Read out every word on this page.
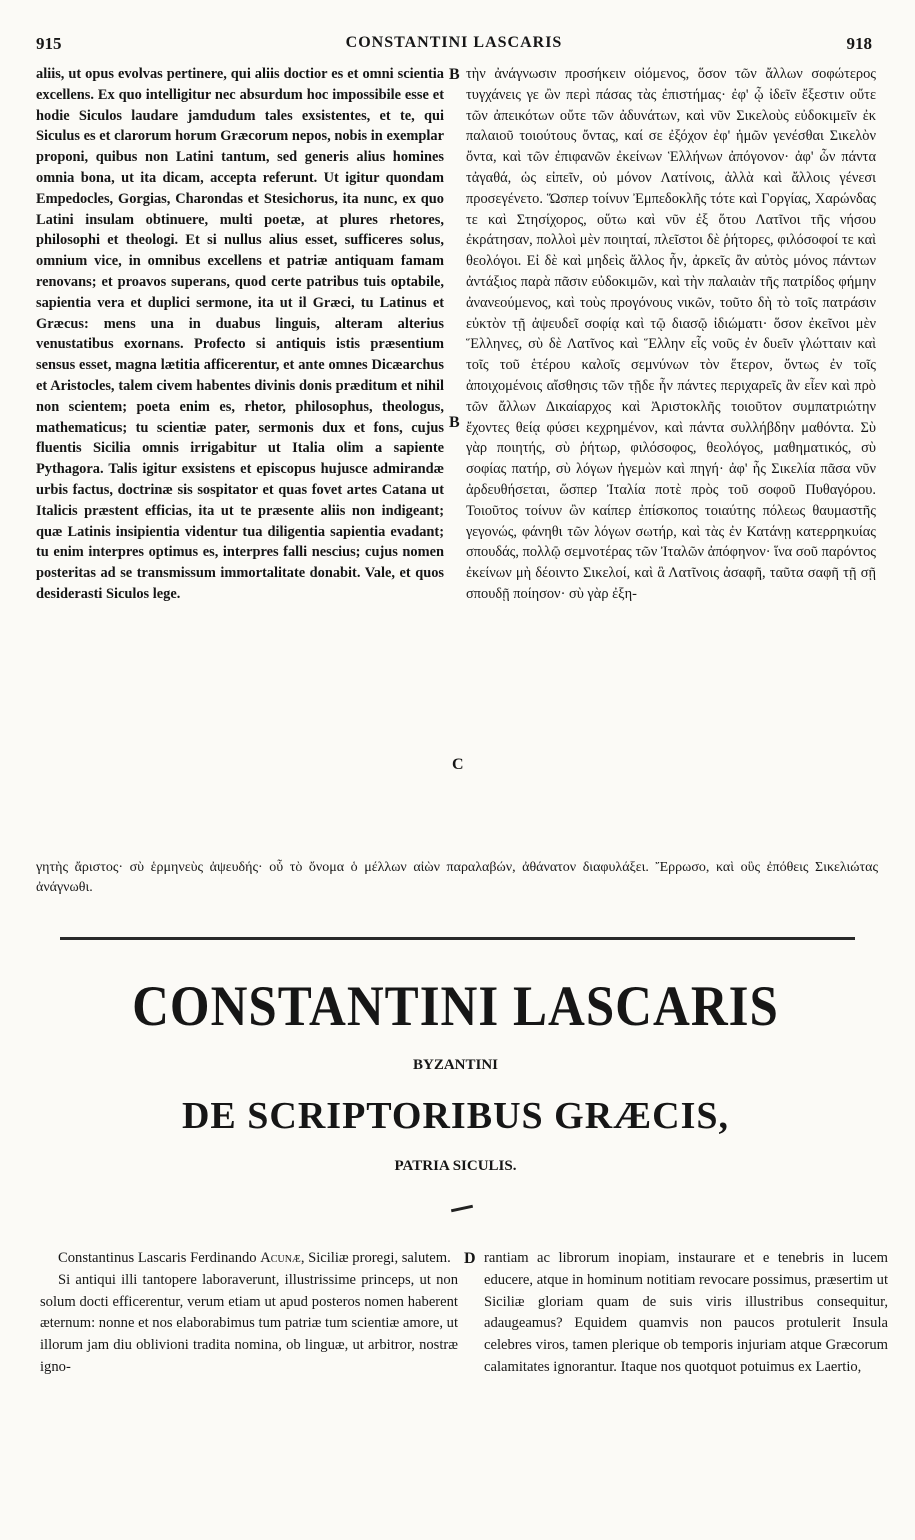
915	CONSTANTINI LASCARIS	918

aliis, ut opus evolvas pertinere, qui aliis doctior es et omni scientia excellens. Ex quo intelligitur nec absurdum hoc impossibile esse et hodie Siculos laudare jamdudum tales exsistentes, et te, qui Siculus es et clarorum horum Græcorum nepos, nobis in exemplar proponi, quibus non Latini tantum, sed generis alius homines omnia bona, ut ita dicam, accepta referunt. Ut igitur quondam Empedocles, Gorgias, Charondas et Stesichorus, ita nunc, ex quo Latini insulam obtinuere, multi poetæ, at plures rhetores, philosophi et theologi. Et si nullus alius esset, sufficeres solus, omnium vice, in omnibus excellens et patriæ antiquam famam renovans; et proavos superans, quod certe patribus tuis optabile, sapientia vera et duplici sermone, ita ut il Græci, tu Latinus et Græcus: mens una in duabus linguis, alteram alterius venustatibus exornans. Profecto si antiquis istis præsentium sensus esset, magna lætitia afficerentur, et ante omnes Dicæarchus et Aristocles, talem civem habentes divinis donis præditum et nihil non scientem; poeta enim es, rhetor, philosophus, theologus, mathematicus; tu scientiæ pater, sermonis dux et fons, cujus fluentis Sicilia omnis irrigabitur ut Italia olim a sapiente Pythagora. Talis igitur exsistens et episcopus hujusce admirandæ urbis factus, doctrinæ sis sospitator et quas fovet artes Catana ut Italicis præstent efficias, ita ut te præsente aliis non indigeant; quæ Latinis insipientia videntur tua diligentia sapientia evadant; tu enim interpres optimus es, interpres falli nescius; cujus nomen posteritas ad se transmissum immortalitate donabit. Vale, et quos desiderasti Siculos lege.

B
B
C
D

τὴν ἀνάγνωσιν προσήκειν οἰόμενος, ὅσον τῶν ἄλλων σοφώτερος τυγχάνεις γε ὢν περὶ πάσας τὰς ἐπιστήμας· ἐφ' ᾧ ἰδεῖν ἔξεστιν οὔτε τῶν ἀπεικότων οὔτε τῶν ἀδυνάτων, καὶ νῦν Σικελοὺς εὐδοκιμεῖν ἐκ παλαιοῦ τοιούτους ὄντας, καί σε ἐξόχον ἐφ' ἡμῶν γενέσθαι Σικελὸν ὄντα, καὶ τῶν ἐπιφανῶν ἐκείνων Ἑλλήνων ἀπόγονον· ἀφ' ὧν πάντα τἀγαθά, ὡς εἰπεῖν, οὐ μόνον Λατίνοις, ἀλλὰ καὶ ἄλλοις γένεσι προσεγένετο. Ὥσπερ τοίνυν Ἐμπεδοκλῆς τότε καὶ Γοργίας, Χαρώνδας τε καὶ Στησίχορος, οὕτω καὶ νῦν ἐξ ὅτου Λατῖνοι τῆς νήσου ἐκράτησαν, πολλοὶ μὲν ποιηταί, πλεῖστοι δὲ ῥήτορες, φιλόσοφοί τε καὶ θεολόγοι. Εἰ δὲ καὶ μηδεὶς ἄλλος ἦν, ἀρκεῖς ἂν αὐτὸς μόνος πάντων ἀντάξιος παρὰ πᾶσιν εὐδοκιμῶν, καὶ τὴν παλαιὰν τῆς πατρίδος φήμην ἀνανεούμενος, καὶ τοὺς προγόνους νικῶν, τοῦτο δὴ τὸ τοῖς πατράσιν εὐκτὸν τῇ ἀψευδεῖ σοφίᾳ καὶ τῷ διασῷ ἰδιώματι· ὅσον ἐκεῖνοι μὲν Ἕλληνες, σὺ δὲ Λατῖνος καὶ Ἕλλην εἷς νοῦς ἐν δυεῖν γλώτταιν καὶ τοῖς τοῦ ἑτέρου καλοῖς σεμνύνων τὸν ἕτερον, ὄντως ἐν τοῖς ἀποιχομένοις αἴσθησις τῶν τῇδε ἦν πάντες περιχαρεῖς ἂν εἶεν καὶ πρὸ τῶν ἄλλων Δικαίαρχος καὶ Ἀριστοκλῆς τοιοῦτον συμπατριώτην ἔχοντες θείᾳ φύσει κεχρημένον, καὶ πάντα συλλήβδην μαθόντα. Σὺ γὰρ ποιητής, σὺ ῥήτωρ, φιλόσοφος, θεολόγος, μαθηματικός, σὺ σοφίας πατήρ, σὺ λόγων ἡγεμὼν καὶ πηγή· ἀφ' ἧς Σικελία πᾶσα νῦν ἀρδευθήσεται, ὥσπερ Ἰταλία ποτὲ πρὸς τοῦ σοφοῦ Πυθαγόρου. Τοιοῦτος τοίνυν ὢν καίπερ ἐπίσκοπος τοιαύτης πόλεως θαυμαστῆς γεγονώς, φάνηθι τῶν λόγων σωτήρ, καὶ τὰς ἐν Κατάνῃ κατερρηκυίας σπουδάς, πολλῷ σεμνοτέρας τῶν Ἰταλῶν ἀπόφηνον· ἵνα σοῦ παρόντος ἐκείνων μὴ δέοιντο Σικελοί, καὶ ἃ Λατῖνοις ἀσαφῆ, ταῦτα σαφῆ τῇ σῇ σπουδῇ ποίησον· σὺ γὰρ ἐξη-

γητὴς ἄριστος· σὺ ἑρμηνεὺς ἀψευδής· οὗ τὸ ὄνομα ὁ μέλλων αἰὼν παραλαβών, ἀθάνατον διαφυλάξει. Ἔρρωσο, καὶ οὓς ἐπόθεις Σικελιώτας ἀνάγνωθι.
CONSTANTINI LASCARIS
BYZANTINI
DE SCRIPTORIBUS GRÆCIS,
PATRIA SICULIS.

Constantinus Lascaris Ferdinando Acunæ, Siciliæ proregi, salutem.

Si antiqui illi tantopere laboraverunt, illustrissime princeps, ut non solum docti efficerentur, verum etiam ut apud posteros nomen haberent æternum: nonne et nos elaborabimus tum patriæ tum scientiæ amore, ut illorum jam diu oblivioni tradita nomina, ob linguæ, ut arbitror, nostræ igno-

rantiam ac librorum inopiam, instaurare et e tenebris in lucem educere, atque in hominum notitiam revocare possimus, præsertim ut Siciliæ gloriam quam de suis viris illustribus consequitur, adaugeamus? Equidem quamvis non paucos protulerit Insula celebres viros, tamen plerique ob temporis injuriam atque Græcorum calamitates ignorantur. Itaque nos quotquot potuimus ex Laertio,
